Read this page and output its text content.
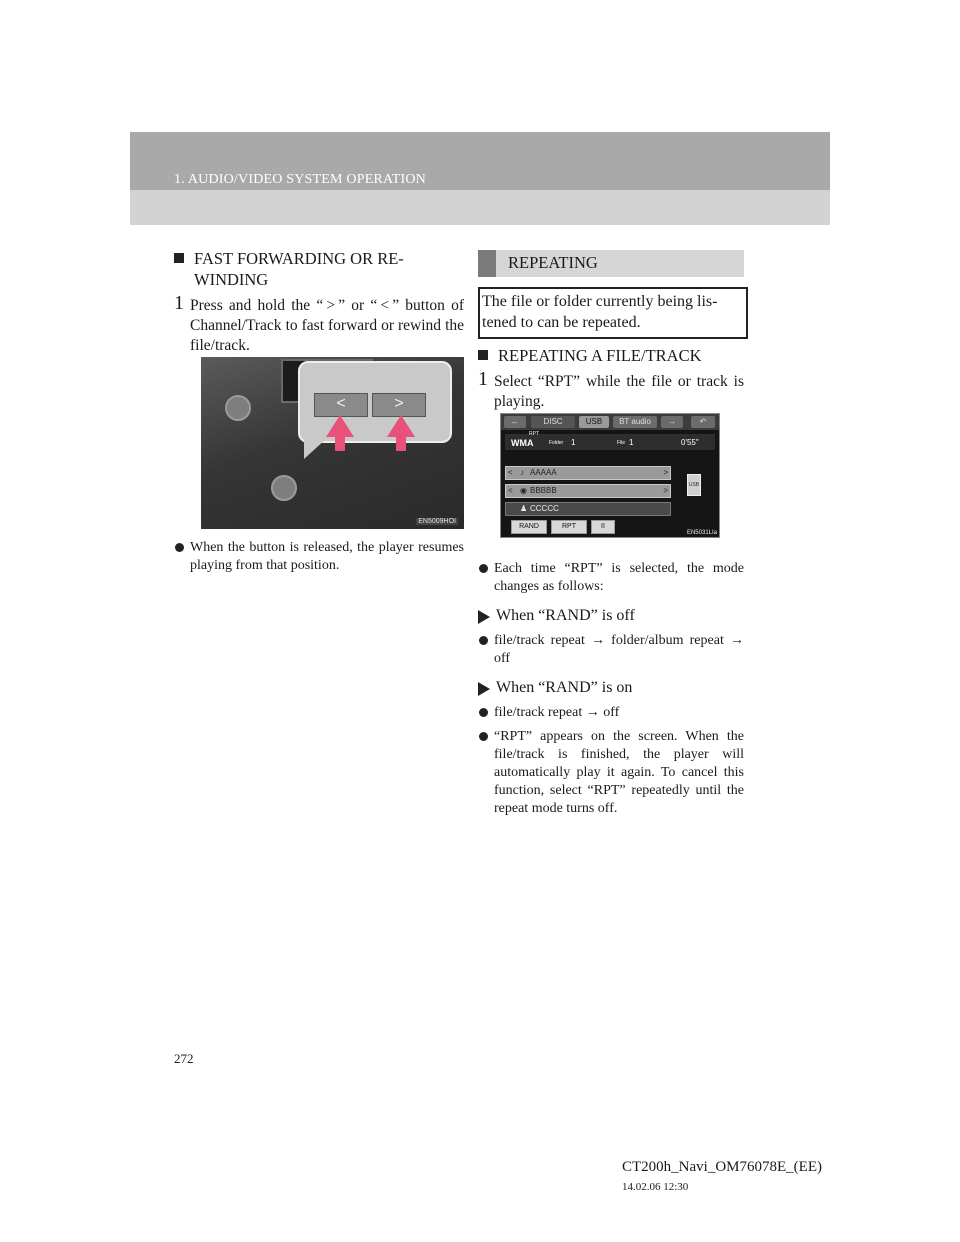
1. AUDIO/VIDEO SYSTEM OPERATION
FAST FORWARDING OR RE-WINDING
1 Press and hold the “ > ” or “ < ” button of Channel/Track to fast forward or rewind the file/track.
<	>
EN5009HOI
When the button is released, the player resumes playing from that position.
REPEATING
The file or folder currently being lis-tened to can be repeated.
REPEATING A FILE/TRACK
1 Select “RPT” while the file or track is playing.
←	DISC	USB	BT audio	→	↶
RPT
WMA	Folder 1	File 1	0'55"
< ♪ AAAAA	>
< ◉ BBBBB	>
♟ CCCCC
USB
RAND	RPT	II
EN5031LIa
Each time “RPT” is selected, the mode changes as follows:
When “RAND” is off
file/track repeat → folder/album repeat → off
When “RAND” is on
file/track repeat → off
“RPT” appears on the screen. When the file/track is finished, the player will automatically play it again. To cancel this function, select “RPT” repeatedly until the repeat mode turns off.
272
CT200h_Navi_OM76078E_(EE)
14.02.06 12:30
